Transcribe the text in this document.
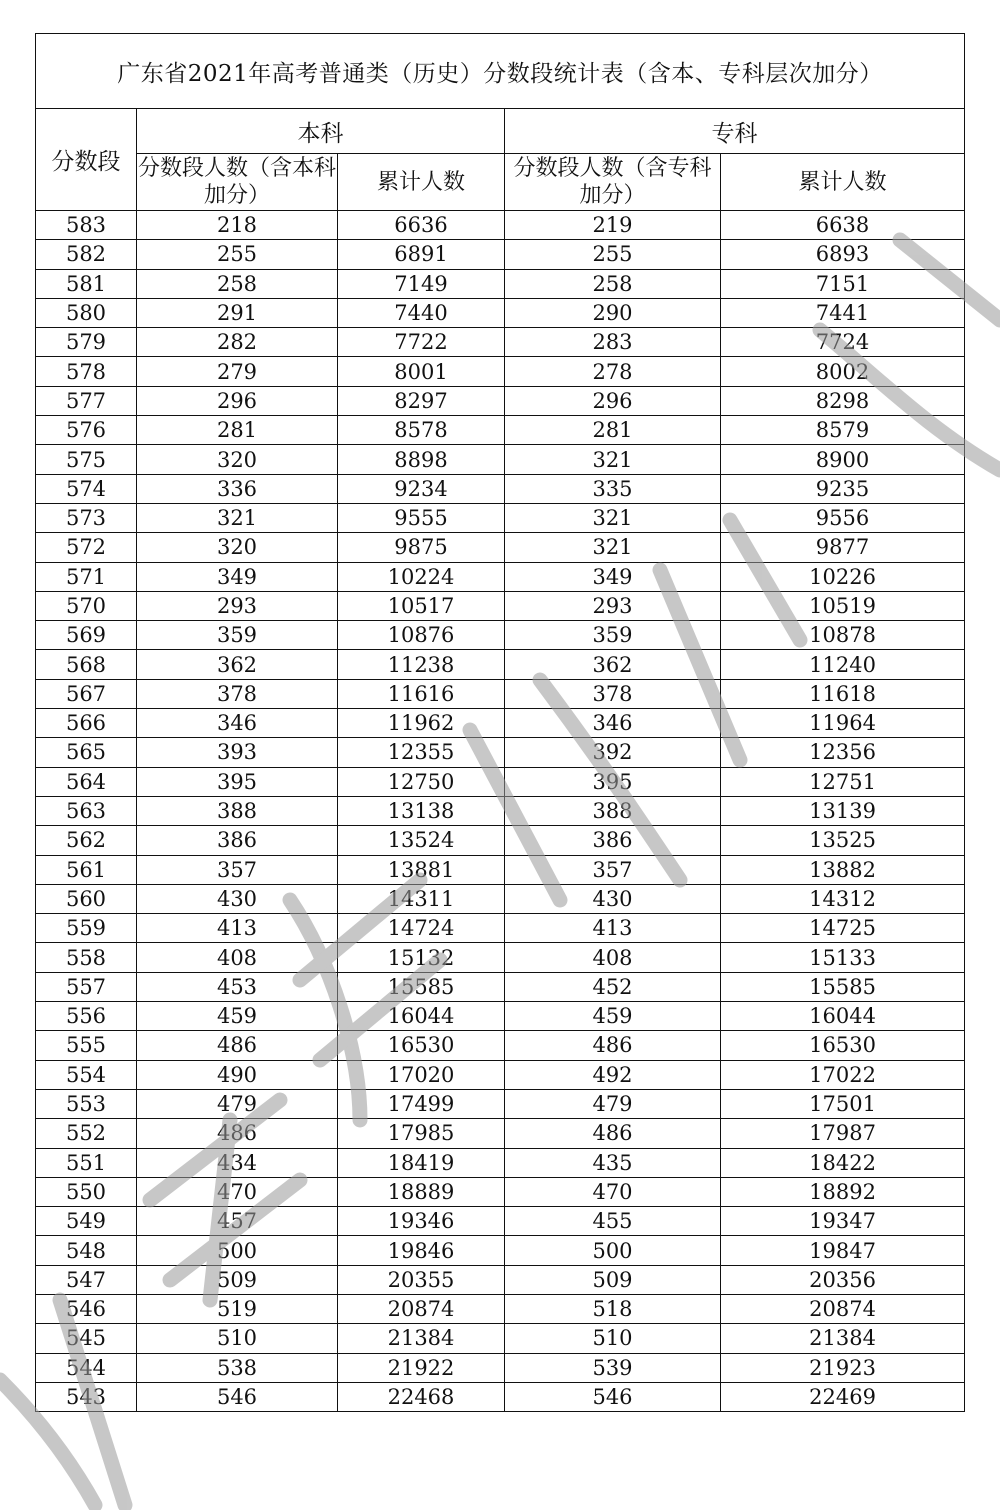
广东省2021年高考普通类（历史）分数段统计表（含本、专科层次加分）				
分数段	本科		专科	
	分数段人数（含本科加分）	累计人数	分数段人数（含专科加分）	累计人数
583	218	6636	219	6638
582	255	6891	255	6893
581	258	7149	258	7151
580	291	7440	290	7441
579	282	7722	283	7724
578	279	8001	278	8002
577	296	8297	296	8298
576	281	8578	281	8579
575	320	8898	321	8900
574	336	9234	335	9235
573	321	9555	321	9556
572	320	9875	321	9877
571	349	10224	349	10226
570	293	10517	293	10519
569	359	10876	359	10878
568	362	11238	362	11240
567	378	11616	378	11618
566	346	11962	346	11964
565	393	12355	392	12356
564	395	12750	395	12751
563	388	13138	388	13139
562	386	13524	386	13525
561	357	13881	357	13882
560	430	14311	430	14312
559	413	14724	413	14725
558	408	15132	408	15133
557	453	15585	452	15585
556	459	16044	459	16044
555	486	16530	486	16530
554	490	17020	492	17022
553	479	17499	479	17501
552	486	17985	486	17987
551	434	18419	435	18422
550	470	18889	470	18892
549	457	19346	455	19347
548	500	19846	500	19847
547	509	20355	509	20356
546	519	20874	518	20874
545	510	21384	510	21384
544	538	21922	539	21923
543	546	22468	546	22469
